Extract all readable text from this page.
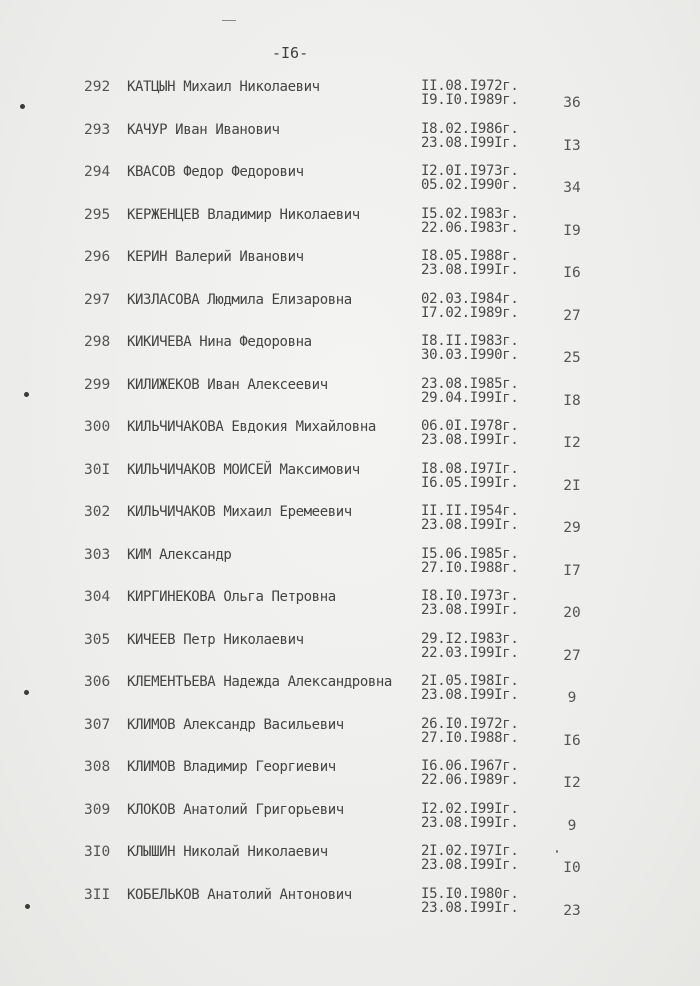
-I6-
292	КАТЦЫН Михаил Николаевич	II.08.I972г.
I9.I0.I989г.	36
293	КАЧУР Иван Иванович	I8.02.I986г.
23.08.I99Iг.	I3
294	КВАСОВ Федор Федорович	I2.0I.I973г.
05.02.I990г.	34
295	КЕРЖЕНЦЕВ Владимир Николаевич	I5.02.I983г.
22.06.I983г.	I9
296	КЕРИН Валерий Иванович	I8.05.I988г.
23.08.I99Iг.	I6
297	КИЗЛАСОВА Людмила Елизаровна	02.03.I984г.
I7.02.I989г.	27
298	КИКИЧЕВА Нина Федоровна	I8.II.I983г.
30.03.I990г.	25
299	КИЛИЖЕКОВ Иван Алексеевич	23.08.I985г.
29.04.I99Iг.	I8
300	КИЛЬЧИЧАКОВА Евдокия Михайловна	06.0I.I978г.
23.08.I99Iг.	I2
30I	КИЛЬЧИЧАКОВ МОИСЕЙ Максимович	I8.08.I97Iг.
I6.05.I99Iг.	2I
302	КИЛЬЧИЧАКОВ Михаил Еремеевич	II.II.I954г.
23.08.I99Iг.	29
303	КИМ Александр	I5.06.I985г.
27.I0.I988г.	I7
304	КИРГИНЕКОВА Ольга Петровна	I8.I0.I973г.
23.08.I99Iг.	20
305	КИЧЕЕВ Петр Николаевич	29.I2.I983г.
22.03.I99Iг.	27
306	КЛЕМЕНТЬЕВА Надежда Александровна	2I.05.I98Iг.
23.08.I99Iг.	9
307	КЛИМОВ Александр Васильевич	26.I0.I972г.
27.I0.I988г.	I6
308	КЛИМОВ Владимир Георгиевич	I6.06.I967г.
22.06.I989г.	I2
309	КЛОКОВ Анатолий Григорьевич	I2.02.I99Iг.
23.08.I99Iг.	9
3I0	КЛЫШИН Николай Николаевич	2I.02.I97Iг.
23.08.I99Iг.	I0
3II	КОБЕЛЬКОВ Анатолий Антонович	I5.I0.I980г.
23.08.I99Iг.	23
